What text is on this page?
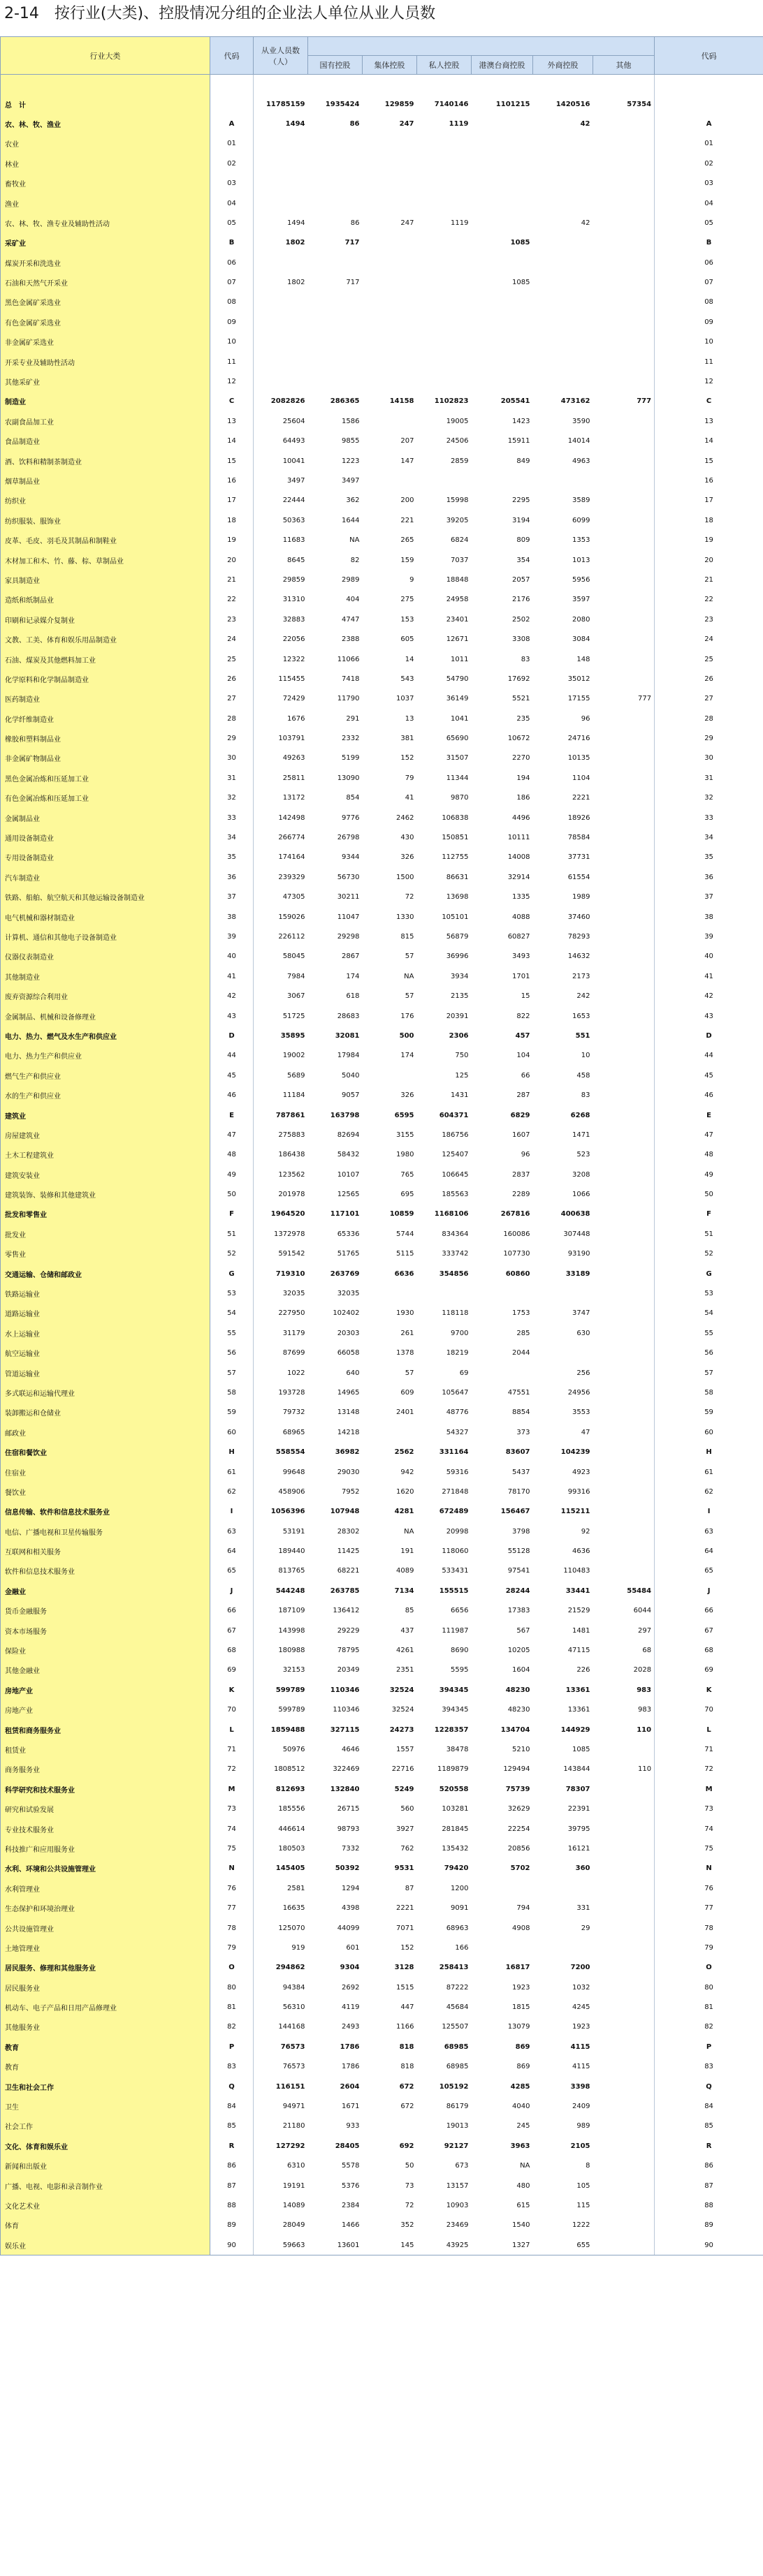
2-14　按行业(大类)、控股情况分组的企业法人单位从业人员数
行业大类	代码	从业人员数（人）							代码
			国有控股	集体控股	私人控股	港澳台商控股	外商控股	其他	

总　计		11785159	1935424	129859	7140146	1101215	1420516	57354	
农、林、牧、渔业	A	1494	86	247	1119		42		A
农业	01								01
林业	02								02
畜牧业	03								03
渔业	04								04
农、林、牧、渔专业及辅助性活动	05	1494	86	247	1119		42		05
采矿业	B	1802	717			1085			B
煤炭开采和洗选业	06								06
石油和天然气开采业	07	1802	717			1085			07
黑色金属矿采选业	08								08
有色金属矿采选业	09								09
非金属矿采选业	10								10
开采专业及辅助性活动	11								11
其他采矿业	12								12
制造业	C	2082826	286365	14158	1102823	205541	473162	777	C
农副食品加工业	13	25604	1586		19005	1423	3590		13
食品制造业	14	64493	9855	207	24506	15911	14014		14
酒、饮料和精制茶制造业	15	10041	1223	147	2859	849	4963		15
烟草制品业	16	3497	3497						16
纺织业	17	22444	362	200	15998	2295	3589		17
纺织服装、服饰业	18	50363	1644	221	39205	3194	6099		18
皮革、毛皮、羽毛及其制品和制鞋业	19	11683	NA	265	6824	809	1353		19
木材加工和木、竹、藤、棕、草制品业	20	8645	82	159	7037	354	1013		20
家具制造业	21	29859	2989	9	18848	2057	5956		21
造纸和纸制品业	22	31310	404	275	24958	2176	3597		22
印刷和记录媒介复制业	23	32883	4747	153	23401	2502	2080		23
文教、工美、体育和娱乐用品制造业	24	22056	2388	605	12671	3308	3084		24
石油、煤炭及其他燃料加工业	25	12322	11066	14	1011	83	148		25
化学原料和化学制品制造业	26	115455	7418	543	54790	17692	35012		26
医药制造业	27	72429	11790	1037	36149	5521	17155	777	27
化学纤维制造业	28	1676	291	13	1041	235	96		28
橡胶和塑料制品业	29	103791	2332	381	65690	10672	24716		29
非金属矿物制品业	30	49263	5199	152	31507	2270	10135		30
黑色金属冶炼和压延加工业	31	25811	13090	79	11344	194	1104		31
有色金属冶炼和压延加工业	32	13172	854	41	9870	186	2221		32
金属制品业	33	142498	9776	2462	106838	4496	18926		33
通用设备制造业	34	266774	26798	430	150851	10111	78584		34
专用设备制造业	35	174164	9344	326	112755	14008	37731		35
汽车制造业	36	239329	56730	1500	86631	32914	61554		36
铁路、船舶、航空航天和其他运输设备制造业	37	47305	30211	72	13698	1335	1989		37
电气机械和器材制造业	38	159026	11047	1330	105101	4088	37460		38
计算机、通信和其他电子设备制造业	39	226112	29298	815	56879	60827	78293		39
仪器仪表制造业	40	58045	2867	57	36996	3493	14632		40
其他制造业	41	7984	174	NA	3934	1701	2173		41
废弃资源综合利用业	42	3067	618	57	2135	15	242		42
金属制品、机械和设备修理业	43	51725	28683	176	20391	822	1653		43
电力、热力、燃气及水生产和供应业	D	35895	32081	500	2306	457	551		D
电力、热力生产和供应业	44	19002	17984	174	750	104	10		44
燃气生产和供应业	45	5689	5040		125	66	458		45
水的生产和供应业	46	11184	9057	326	1431	287	83		46
建筑业	E	787861	163798	6595	604371	6829	6268		E
房屋建筑业	47	275883	82694	3155	186756	1607	1471		47
土木工程建筑业	48	186438	58432	1980	125407	96	523		48
建筑安装业	49	123562	10107	765	106645	2837	3208		49
建筑装饰、装修和其他建筑业	50	201978	12565	695	185563	2289	1066		50
批发和零售业	F	1964520	117101	10859	1168106	267816	400638		F
批发业	51	1372978	65336	5744	834364	160086	307448		51
零售业	52	591542	51765	5115	333742	107730	93190		52
交通运输、仓储和邮政业	G	719310	263769	6636	354856	60860	33189		G
铁路运输业	53	32035	32035						53
道路运输业	54	227950	102402	1930	118118	1753	3747		54
水上运输业	55	31179	20303	261	9700	285	630		55
航空运输业	56	87699	66058	1378	18219	2044			56
管道运输业	57	1022	640	57	69		256		57
多式联运和运输代理业	58	193728	14965	609	105647	47551	24956		58
装卸搬运和仓储业	59	79732	13148	2401	48776	8854	3553		59
邮政业	60	68965	14218		54327	373	47		60
住宿和餐饮业	H	558554	36982	2562	331164	83607	104239		H
住宿业	61	99648	29030	942	59316	5437	4923		61
餐饮业	62	458906	7952	1620	271848	78170	99316		62
信息传输、软件和信息技术服务业	I	1056396	107948	4281	672489	156467	115211		I
电信、广播电视和卫星传输服务	63	53191	28302	NA	20998	3798	92		63
互联网和相关服务	64	189440	11425	191	118060	55128	4636		64
软件和信息技术服务业	65	813765	68221	4089	533431	97541	110483		65
金融业	J	544248	263785	7134	155515	28244	33441	55484	J
货币金融服务	66	187109	136412	85	6656	17383	21529	6044	66
资本市场服务	67	143998	29229	437	111987	567	1481	297	67
保险业	68	180988	78795	4261	8690	10205	47115	68	68
其他金融业	69	32153	20349	2351	5595	1604	226	2028	69
房地产业	K	599789	110346	32524	394345	48230	13361	983	K
房地产业	70	599789	110346	32524	394345	48230	13361	983	70
租赁和商务服务业	L	1859488	327115	24273	1228357	134704	144929	110	L
租赁业	71	50976	4646	1557	38478	5210	1085		71
商务服务业	72	1808512	322469	22716	1189879	129494	143844	110	72
科学研究和技术服务业	M	812693	132840	5249	520558	75739	78307		M
研究和试验发展	73	185556	26715	560	103281	32629	22391		73
专业技术服务业	74	446614	98793	3927	281845	22254	39795		74
科技推广和应用服务业	75	180503	7332	762	135432	20856	16121		75
水利、环境和公共设施管理业	N	145405	50392	9531	79420	5702	360		N
水利管理业	76	2581	1294	87	1200				76
生态保护和环境治理业	77	16635	4398	2221	9091	794	331		77
公共设施管理业	78	125070	44099	7071	68963	4908	29		78
土地管理业	79	919	601	152	166				79
居民服务、修理和其他服务业	O	294862	9304	3128	258413	16817	7200		O
居民服务业	80	94384	2692	1515	87222	1923	1032		80
机动车、电子产品和日用产品修理业	81	56310	4119	447	45684	1815	4245		81
其他服务业	82	144168	2493	1166	125507	13079	1923		82
教育	P	76573	1786	818	68985	869	4115		P
教育	83	76573	1786	818	68985	869	4115		83
卫生和社会工作	Q	116151	2604	672	105192	4285	3398		Q
卫生	84	94971	1671	672	86179	4040	2409		84
社会工作	85	21180	933		19013	245	989		85
文化、体育和娱乐业	R	127292	28405	692	92127	3963	2105		R
新闻和出版业	86	6310	5578	50	673	NA	8		86
广播、电视、电影和录音制作业	87	19191	5376	73	13157	480	105		87
文化艺术业	88	14089	2384	72	10903	615	115		88
体育	89	28049	1466	352	23469	1540	1222		89
娱乐业	90	59663	13601	145	43925	1327	655		90
